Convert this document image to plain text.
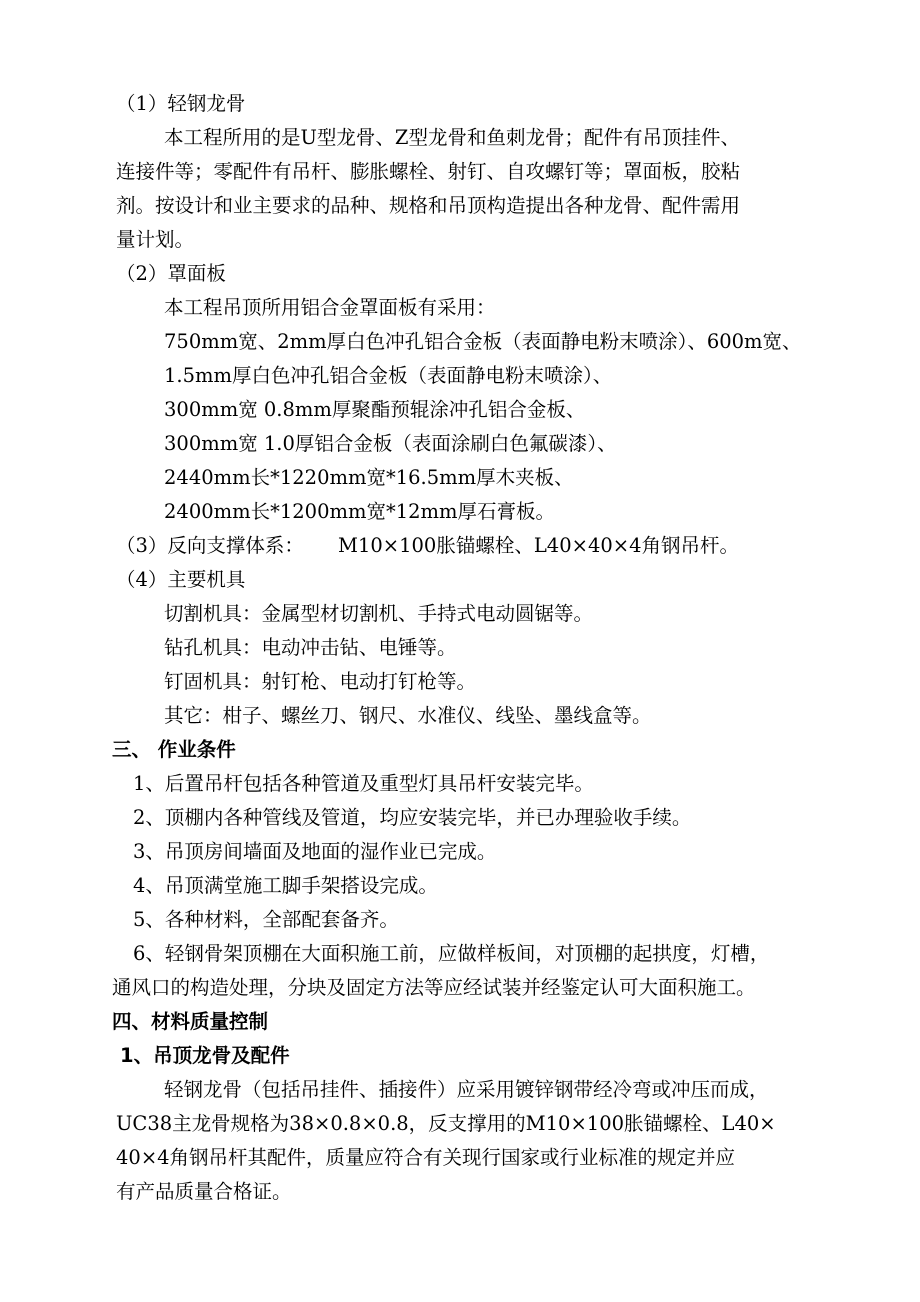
（1）轻钢龙骨
本工程所用的是U型龙骨、Z型龙骨和鱼刺龙骨；配件有吊顶挂件、
连接件等；零配件有吊杆、膨胀螺栓、射钉、自攻螺钉等；罩面板，胶粘
剂。按设计和业主要求的品种、规格和吊顶构造提出各种龙骨、配件需用
量计划。
（2）罩面板
本工程吊顶所用铝合金罩面板有采用：
750mm宽、2mm厚白色冲孔铝合金板（表面静电粉末喷涂）、600m宽、
1.5mm厚白色冲孔铝合金板（表面静电粉末喷涂）、
300mm宽 0.8mm厚聚酯预辊涂冲孔铝合金板、
300mm宽 1.0厚铝合金板（表面涂刷白色氟碳漆）、
2440mm长*1220mm宽*16.5mm厚木夹板、
2400mm长*1200mm宽*12mm厚石膏板。
（3）反向支撑体系： M10×100胀锚螺栓、L40×40×4角钢吊杆。
（4）主要机具
切割机具：金属型材切割机、手持式电动圆锯等。
钻孔机具：电动冲击钻、电锤等。
钉固机具：射钉枪、电动打钉枪等。
其它：柑子、螺丝刀、钢尺、水准仪、线坠、墨线盒等。
三、 作业条件
1、后置吊杆包括各种管道及重型灯具吊杆安装完毕。
2、顶棚内各种管线及管道，均应安装完毕，并已办理验收手续。
3、吊顶房间墙面及地面的湿作业已完成。
4、吊顶满堂施工脚手架搭设完成。
5、各种材料，全部配套备齐。
6、轻钢骨架顶棚在大面积施工前，应做样板间，对顶棚的起拱度，灯槽，
通风口的构造处理，分块及固定方法等应经试装并经鉴定认可大面积施工。
四、材料质量控制
1、吊顶龙骨及配件
轻钢龙骨（包括吊挂件、插接件）应采用镀锌钢带经冷弯或冲压而成，
UC38主龙骨规格为38×0.8×0.8，反支撑用的M10×100胀锚螺栓、L40×
40×4角钢吊杆其配件，质量应符合有关现行国家或行业标准的规定并应
有产品质量合格证。
